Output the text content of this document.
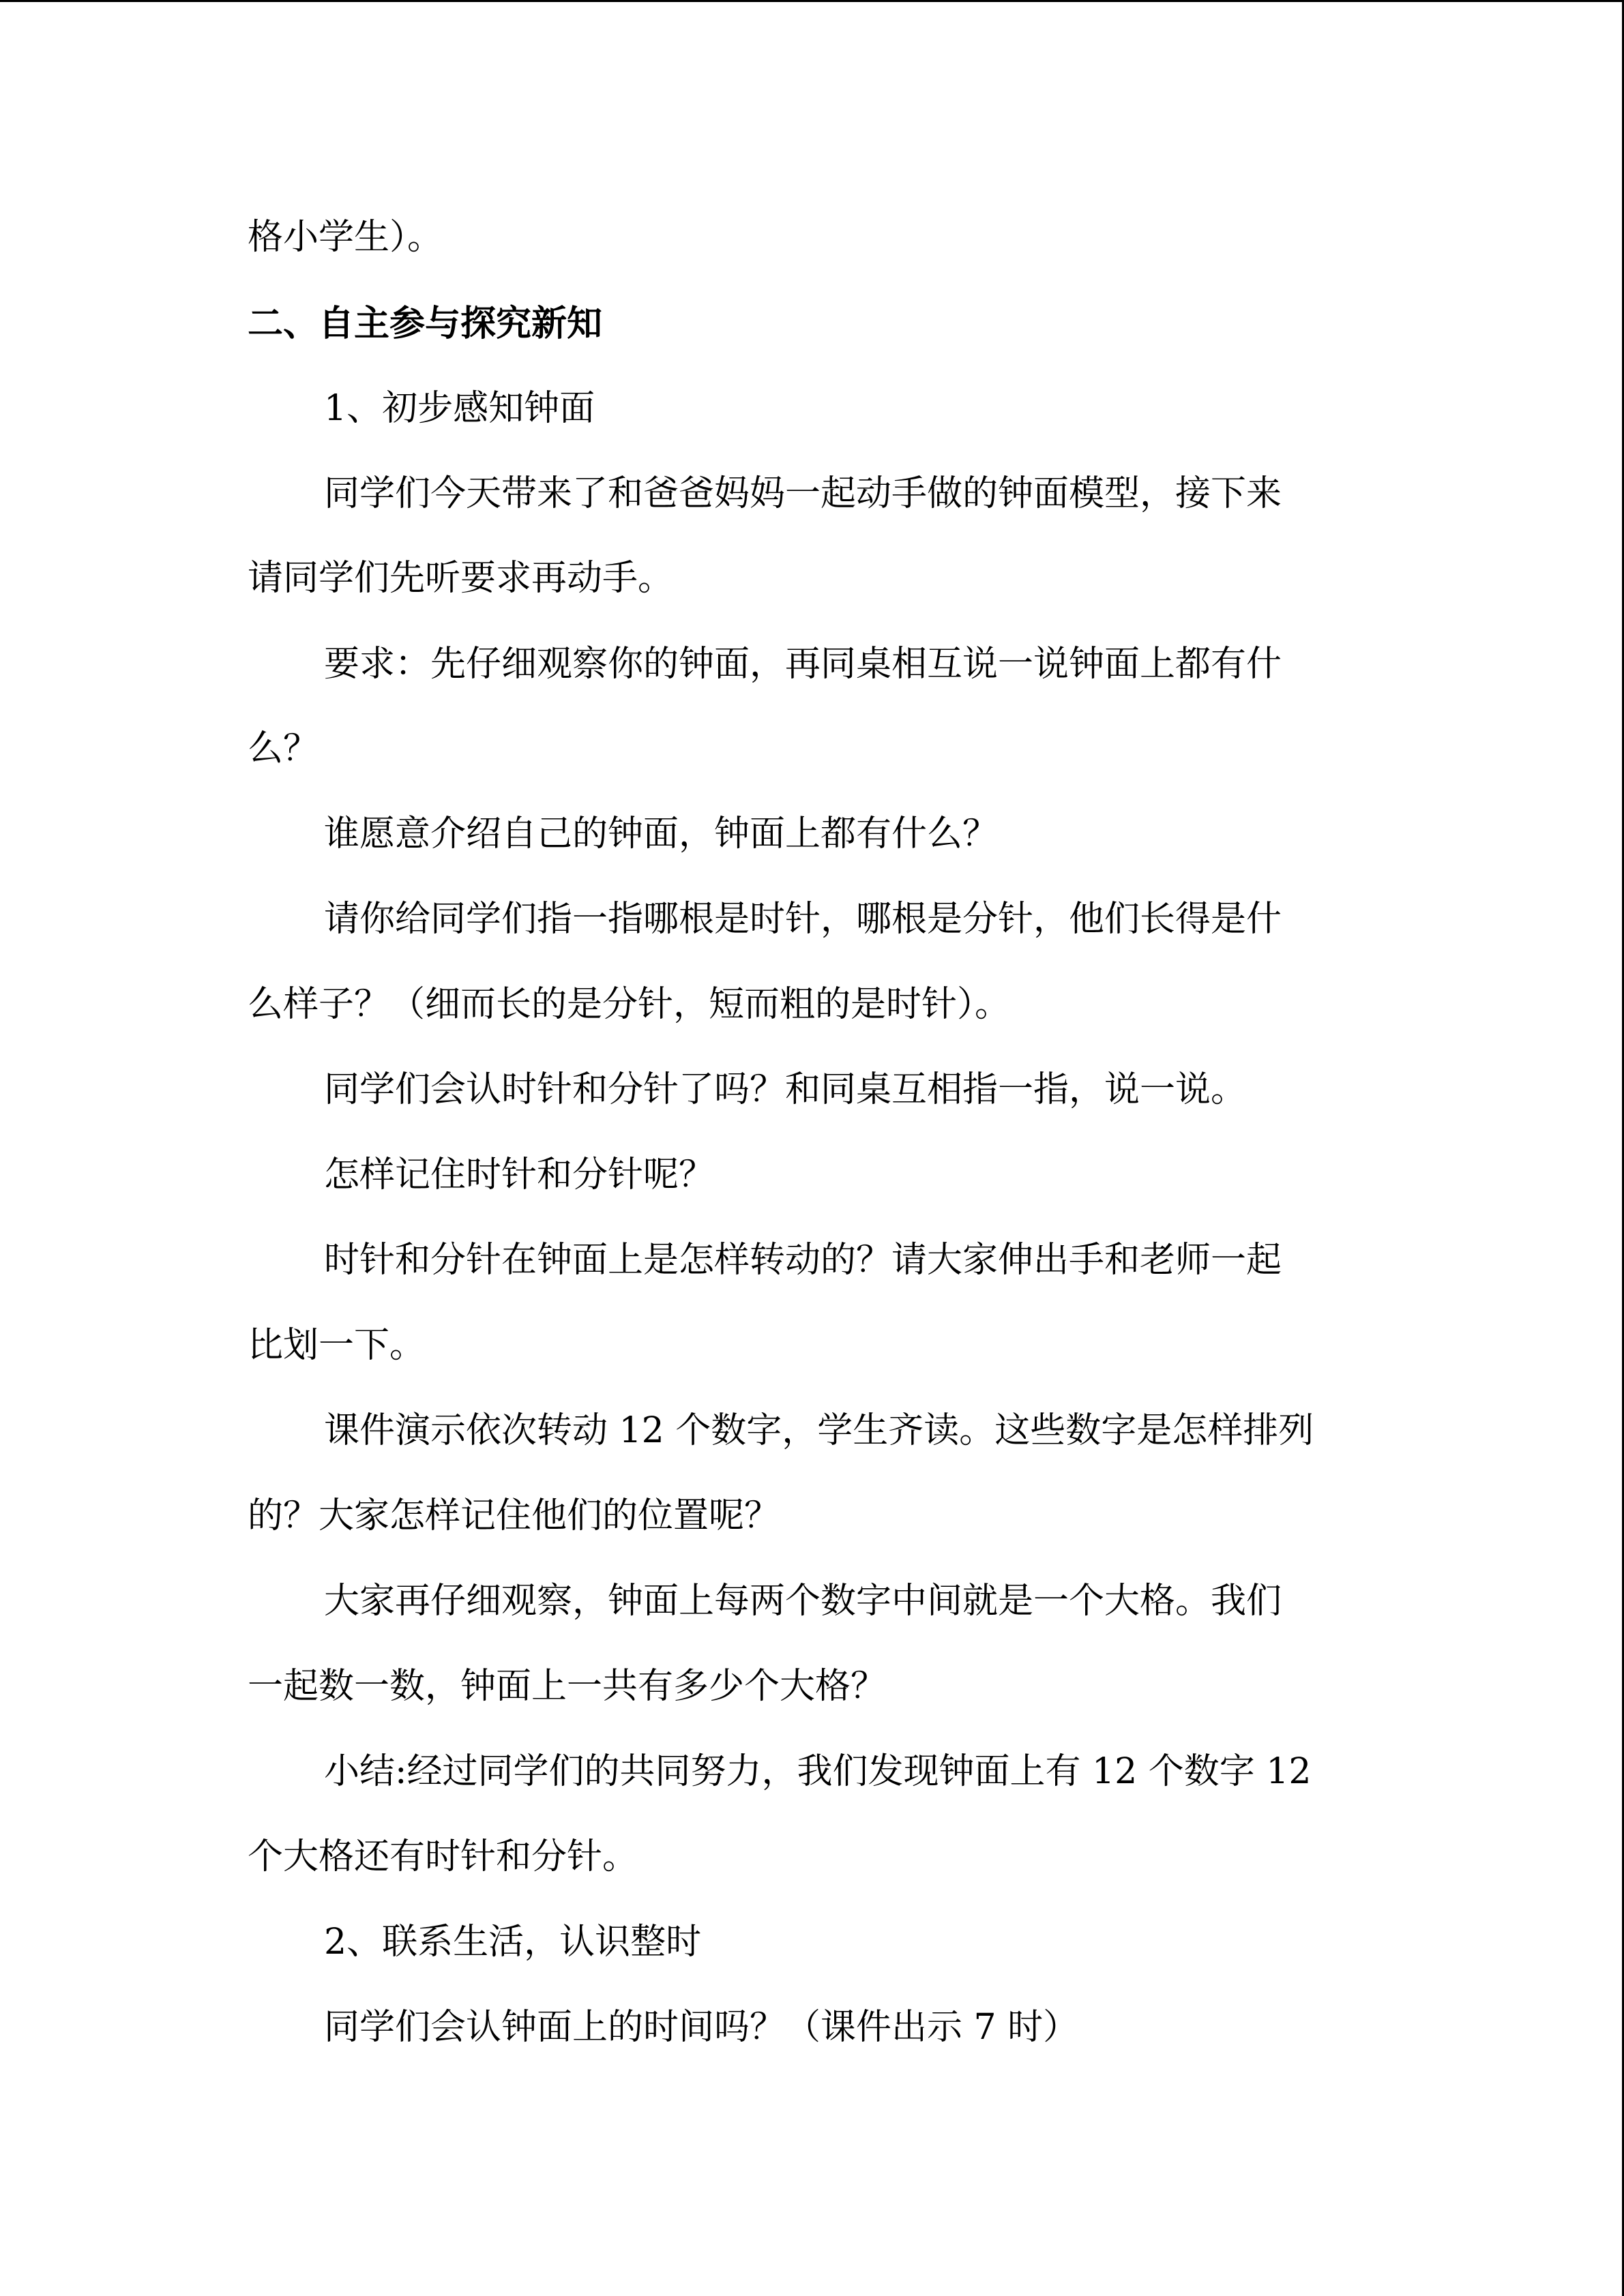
格小学生）。
二、自主参与探究新知
1、初步感知钟面
同学们今天带来了和爸爸妈妈一起动手做的钟面模型，接下来
请同学们先听要求再动手。
要求：先仔细观察你的钟面，再同桌相互说一说钟面上都有什
么？
谁愿意介绍自己的钟面，钟面上都有什么？
请你给同学们指一指哪根是时针，哪根是分针，他们长得是什
么样子？（细而长的是分针，短而粗的是时针）。
同学们会认时针和分针了吗？和同桌互相指一指，说一说。
怎样记住时针和分针呢？
时针和分针在钟面上是怎样转动的？请大家伸出手和老师一起
比划一下。
课件演示依次转动 12 个数字，学生齐读。这些数字是怎样排列
的？大家怎样记住他们的位置呢？
大家再仔细观察，钟面上每两个数字中间就是一个大格。我们
一起数一数，钟面上一共有多少个大格？
小结:经过同学们的共同努力，我们发现钟面上有 12 个数字 12
个大格还有时针和分针。
2、联系生活，认识整时
同学们会认钟面上的时间吗？（课件出示 7 时）
